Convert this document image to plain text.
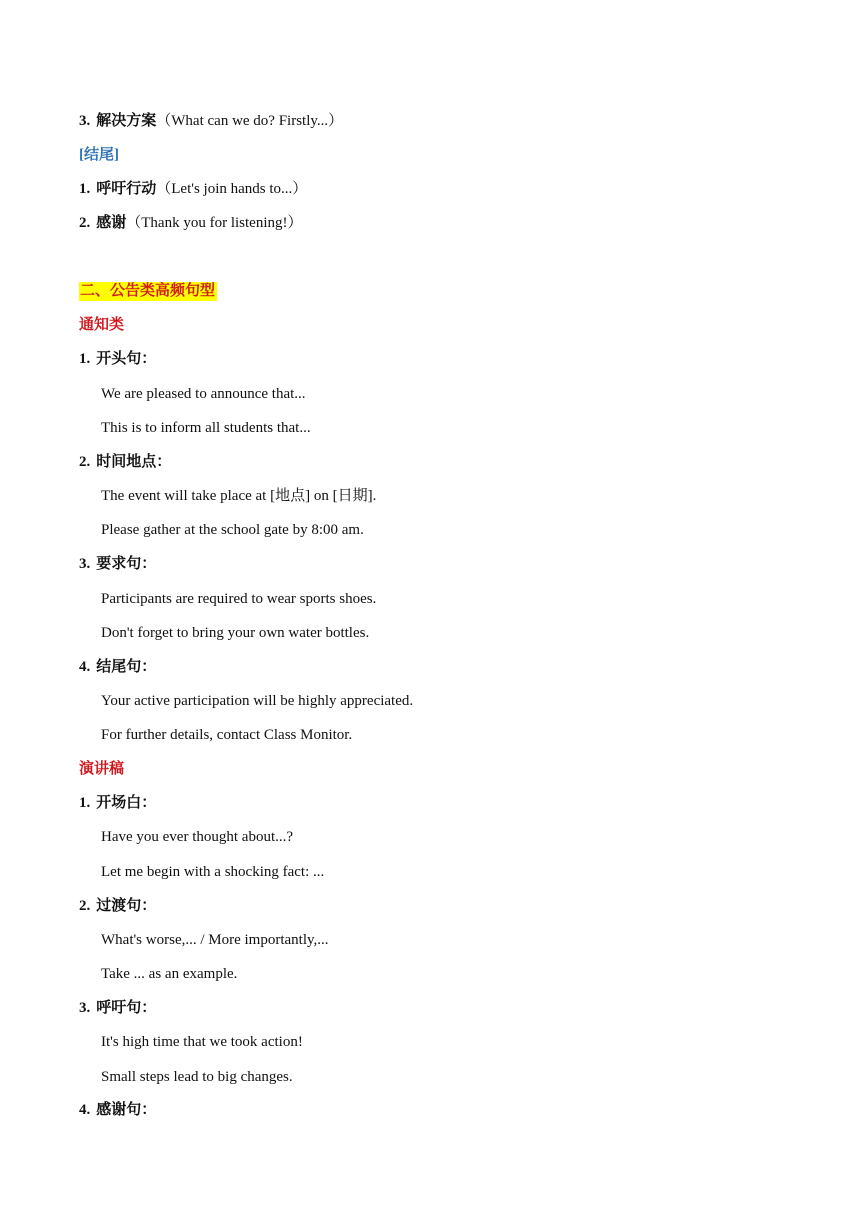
3. 解决方案（What can we do? Firstly...）
[结尾]
1. 呼吁行动（Let's join hands to...）
2. 感谢（Thank you for listening!）
二、公告类高频句型
通知类
1. 开头句：
We are pleased to announce that...
This is to inform all students that...
2. 时间地点：
The event will take place at [地点] on [日期].
Please gather at the school gate by 8:00 am.
3. 要求句：
Participants are required to wear sports shoes.
Don't forget to bring your own water bottles.
4. 结尾句：
Your active participation will be highly appreciated.
For further details, contact Class Monitor.
演讲稿
1. 开场白：
Have you ever thought about...?
Let me begin with a shocking fact: ...
2. 过渡句：
What's worse,... / More importantly,...
Take ... as an example.
3. 呼吁句：
It's high time that we took action!
Small steps lead to big changes.
4. 感谢句：
